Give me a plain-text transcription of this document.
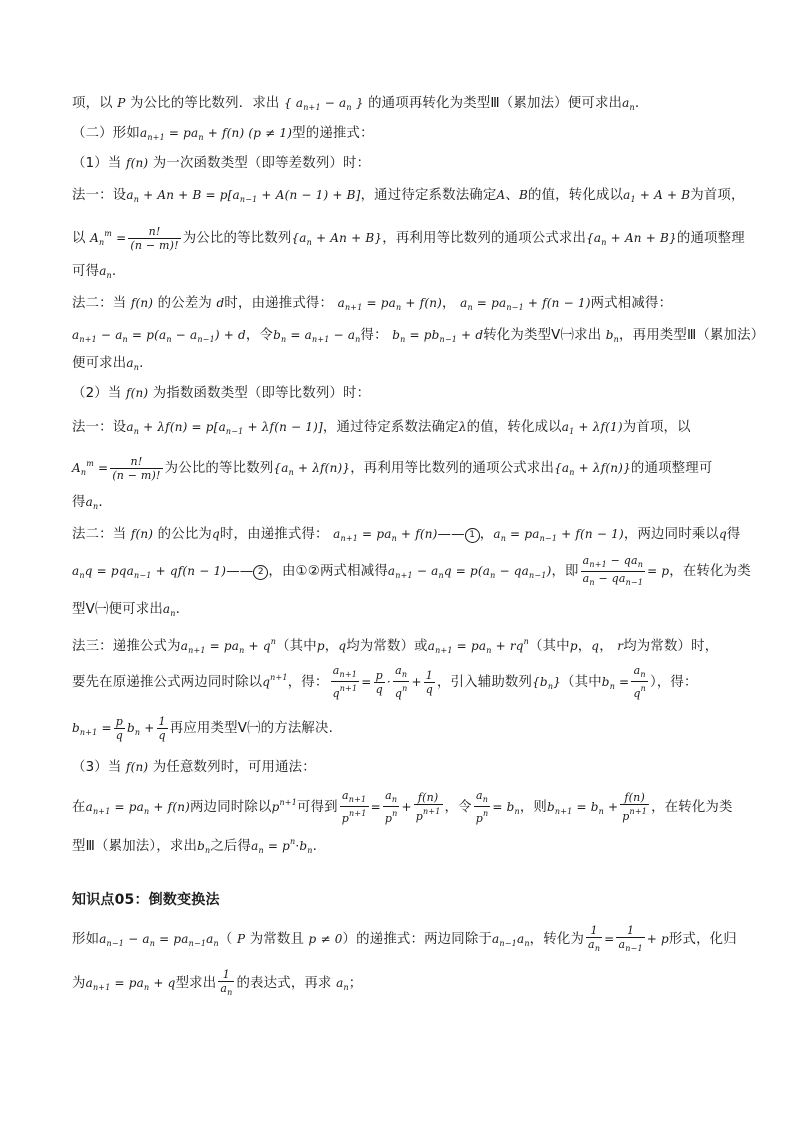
项，以 P 为公比的等比数列．求出 { $a_{n+1} - a_n$ } 的通项再转化为类型Ⅲ（累加法）便可求出$a_n$.
（二）形如$a_{n+1} = pa_n + f(n) (p \ne 1)$型的递推式：
（1）当 f(n) 为一次函数类型（即等差数列）时：
法一：设$a_n + An + B = p[a_{n-1} + A(n - 1) + B]$，通过待定系数法确定A、B的值，转化成以$a_1 + A + B$为首项，
以 $A_n^m = \frac{n!}{(n - m)!}$ 为公比的等比数列$\{a_n + An + B\}$，再利用等比数列的通项公式求出$\{a_n + An + B\}$的通项整理
可得$a_n$.
法二：当 f(n) 的公差为 d时，由递推式得： $a_{n+1} = pa_n + f(n)$， $a_n = pa_{n-1} + f(n - 1)$两式相减得：
$a_{n+1} - a_n = p(a_n - a_{n-1}) + d$，令$b_n = a_{n+1} - a_n$得： $b_n = pb_{n-1} + d$转化为类型Ⅴ㈠求出 $b_n$，再用类型Ⅲ（累加法）
便可求出$a_n$.
（2）当 f(n) 为指数函数类型（即等比数列）时：
法一：设$a_n + \lambda f(n) = p[a_{n-1} + \lambda f(n - 1)]$，通过待定系数法确定λ的值，转化成以$a_1 + \lambda f(1)$为首项，以
$A_n^m = \frac{n!}{(n - m)!}$ 为公比的等比数列$\{a_n + \lambda f(n)\}$，再利用等比数列的通项公式求出$\{a_n + \lambda f(n)\}$的通项整理可
得$a_n$.
法二：当 f(n) 的公比为q时，由递推式得： $a_{n+1} = pa_n$ + f(n)—— 1 ，$a_n = pa_{n-1} + f(n - 1)$，两边同时乘以q得
$a_nq = pqa_{n-1} + qf(n$ − 1)—— 2 ，由①②两式相减得$a_{n+1} - a_nq = p(a_n - qa_{n-1})$，即 $\frac{a_{n+1} - qa_n}{a_n - qa_{n-1}} = p$，在转化为类
型Ⅴ㈠便可求出$a_n$.
法三：递推公式为$a_{n+1} = pa_n + q^n$（其中p，q均为常数）或$a_{n+1} = pa_n + rq^n$（其中p，q， r均为常数）时，
要先在原递推公式两边同时除以$q^{n+1}$，得： $\frac{a_{n+1}}{q^{n+1}} = \frac{p}{q} \cdot \frac{a_n}{q^n} + \frac{1}{q}$ ，引入辅助数列$\{b_n\}$（其中$b_n = \frac{a_n}{q^n}$ ），得：
$b_{n+1} = \frac{p}{q} b_n + \frac{1}{q}$ 再应用类型Ⅴ㈠的方法解决.
（3）当 f(n) 为任意数列时，可用通法：
在$a_{n+1} = pa_n + f(n)$两边同时除以$p^{n+1}$可得到 $\frac{a_{n+1}}{p^{n+1}} = \frac{a_n}{p^n} + \frac{f(n)}{p^{n+1}}$ ，令 $\frac{a_n}{p^n} = b_n$，则$b_{n+1} = b_n + \frac{f(n)}{p^{n+1}}$ ，在转化为类
型Ⅲ（累加法），求出$b_n$之后得$a_n = p^n\cdot b_n$.
知识点05：倒数变换法
形如$a_{n-1} - a_n = pa_{n-1}a_n$（ P 为常数且 p ≠ 0）的递推式：两边同除于$a_{n-1}a_n$，转化为 $\frac{1}{a_n} = \frac{1}{a_{n-1}} + p$形式，化归
为$a_{n+1} = pa_n + q$型求出 $\frac{1}{a_n}$ 的表达式，再求 $a_n$；
